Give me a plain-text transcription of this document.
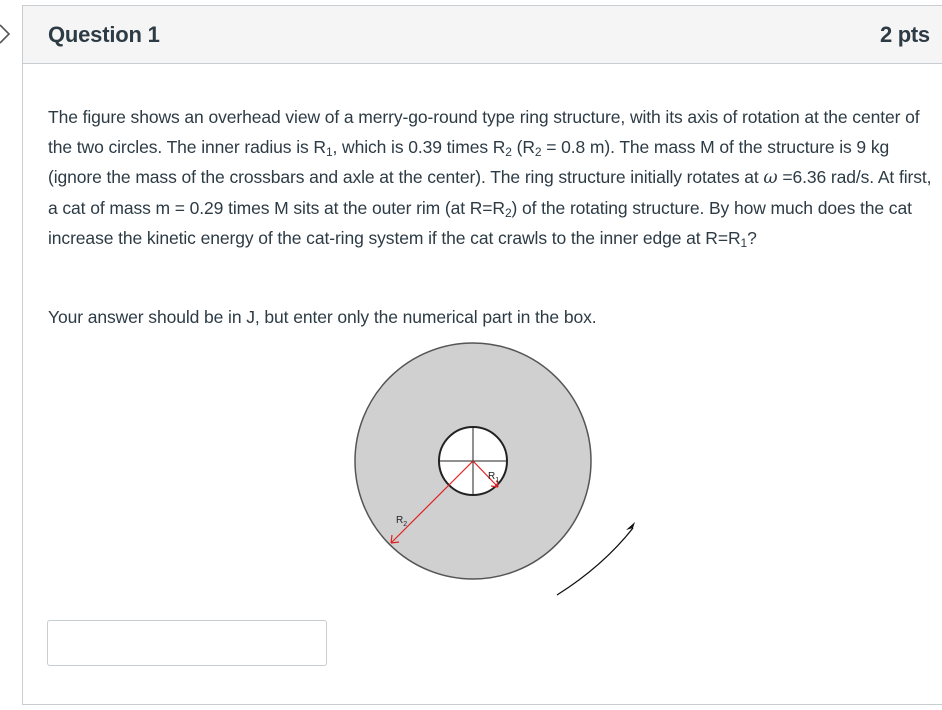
Question 1	2 pts
The figure shows an overhead view of a merry-go-round type ring structure, with its axis of rotation at the center of the two circles. The inner radius is $R_1$, which is 0.39 times $R_2$ ($R_2 = 0.8$ m). The mass M of the structure is 9 kg (ignore the mass of the crossbars and axle at the center). The ring structure initially rotates at ω =6.36 rad/s. At first, a cat of mass m = 0.29 times M sits at the outer rim (at $R=R_2$) of the rotating structure. By how much does the cat increase the kinetic energy of the cat-ring system if the cat crawls to the inner edge at $R=R_1$?
Your answer should be in J, but enter only the numerical part in the box.
$R_1$
$R_2$
